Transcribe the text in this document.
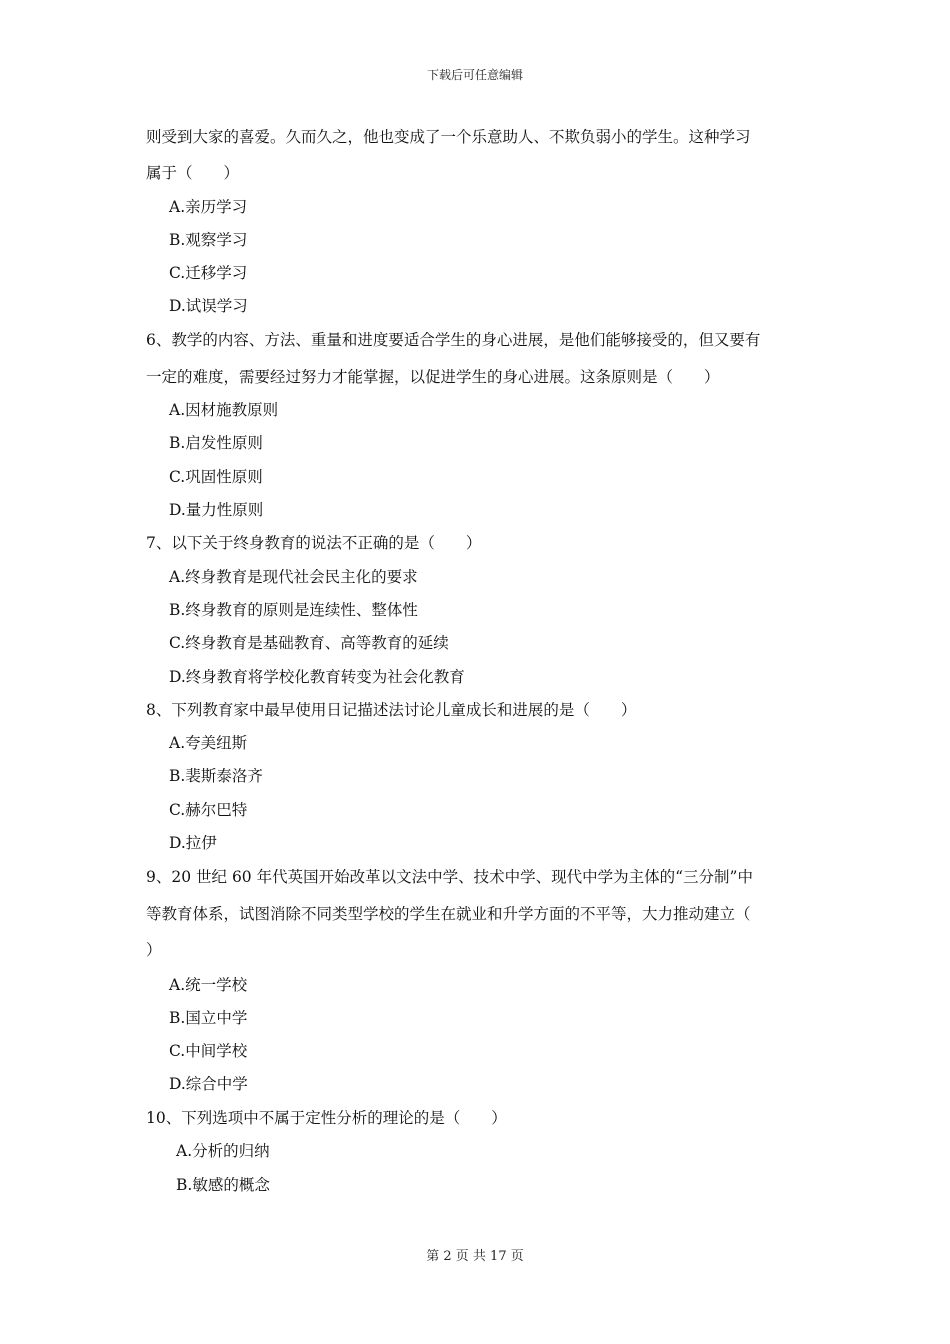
下载后可任意编辑
则受到大家的喜爱。久而久之，他也变成了一个乐意助人、不欺负弱小的学生。这种学习
属于（　　）
A.亲历学习
B.观察学习
C.迁移学习
D.试误学习
6、教学的内容、方法、重量和进度要适合学生的身心进展，是他们能够接受的，但又要有
一定的难度，需要经过努力才能掌握，以促进学生的身心进展。这条原则是（　　）
A.因材施教原则
B.启发性原则
C.巩固性原则
D.量力性原则
7、以下关于终身教育的说法不正确的是（　　）
A.终身教育是现代社会民主化的要求
B.终身教育的原则是连续性、整体性
C.终身教育是基础教育、高等教育的延续
D.终身教育将学校化教育转变为社会化教育
8、下列教育家中最早使用日记描述法讨论儿童成长和进展的是（　　）
A.夸美纽斯
B.裴斯泰洛齐
C.赫尔巴特
D.拉伊
9、20 世纪 60 年代英国开始改革以文法中学、技术中学、现代中学为主体的“三分制”中
等教育体系，试图消除不同类型学校的学生在就业和升学方面的不平等，大力推动建立（
）
A.统一学校
B.国立中学
C.中间学校
D.综合中学
10、下列选项中不属于定性分析的理论的是（　　）
A.分析的归纳
B.敏感的概念
第 2 页 共 17 页
